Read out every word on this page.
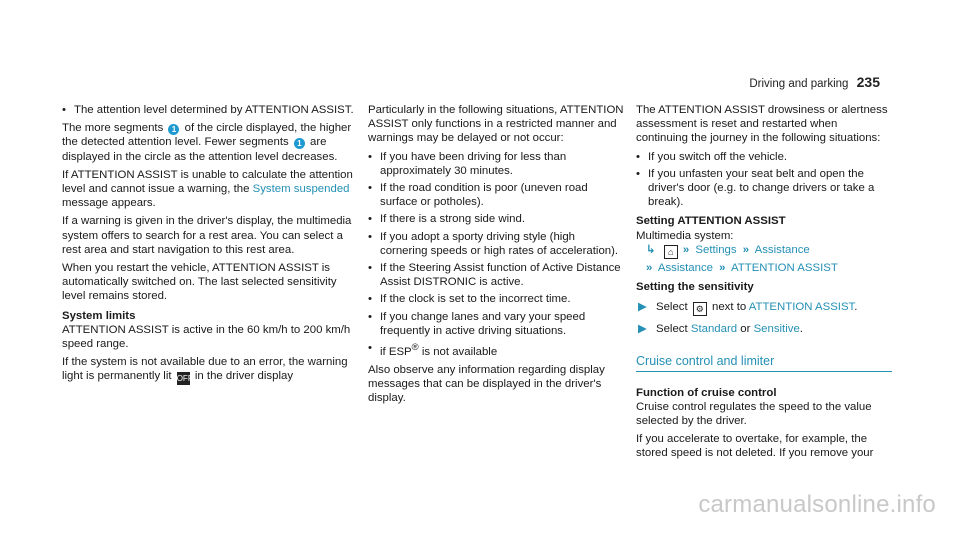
Driving and parking 235
• The attention level determined by ATTENTION ASSIST.

The more segments 1 of the circle displayed, the higher the detected attention level. Fewer segments 1 are displayed in the circle as the attention level decreases.

If ATTENTION ASSIST is unable to calculate the attention level and cannot issue a warning, the System suspended message appears.

If a warning is given in the driver's display, the multimedia system offers to search for a rest area. You can select a rest area and start navigation to this rest area.

When you restart the vehicle, ATTENTION ASSIST is automatically switched on. The last selected sensitivity level remains stored.

System limits

ATTENTION ASSIST is active in the 60 km/h to 200 km/h speed range.

If the system is not available due to an error, the warning light is permanently lit OFF in the driver display

Particularly in the following situations, ATTENTION ASSIST only functions in a restricted manner and warnings may be delayed or not occur:

• If you have been driving for less than approximately 30 minutes.
• If the road condition is poor (uneven road surface or potholes).
• If there is a strong side wind.
• If you adopt a sporty driving style (high cornering speeds or high rates of acceleration).
• If the Steering Assist function of Active Distance Assist DISTRONIC is active.
• If the clock is set to the incorrect time.
• If you change lanes and vary your speed frequently in active driving situations.
• if ESP® is not available

Also observe any information regarding display messages that can be displayed in the driver's display.

The ATTENTION ASSIST drowsiness or alertness assessment is reset and restarted when continuing the journey in the following situations:

• If you switch off the vehicle.
• If you unfasten your seat belt and open the driver's door (e.g. to change drivers or take a break).
Setting ATTENTION ASSIST

Multimedia system:

↳ ⌂ » Settings » Assistance
» Assistance » ATTENTION ASSIST
Setting the sensitivity
▶ Select ⚙ next to ATTENTION ASSIST.
▶ Select Standard or Sensitive.
Cruise control and limiter
Function of cruise control

Cruise control regulates the speed to the value selected by the driver.

If you accelerate to overtake, for example, the stored speed is not deleted. If you remove your

carmanualsonline.info
